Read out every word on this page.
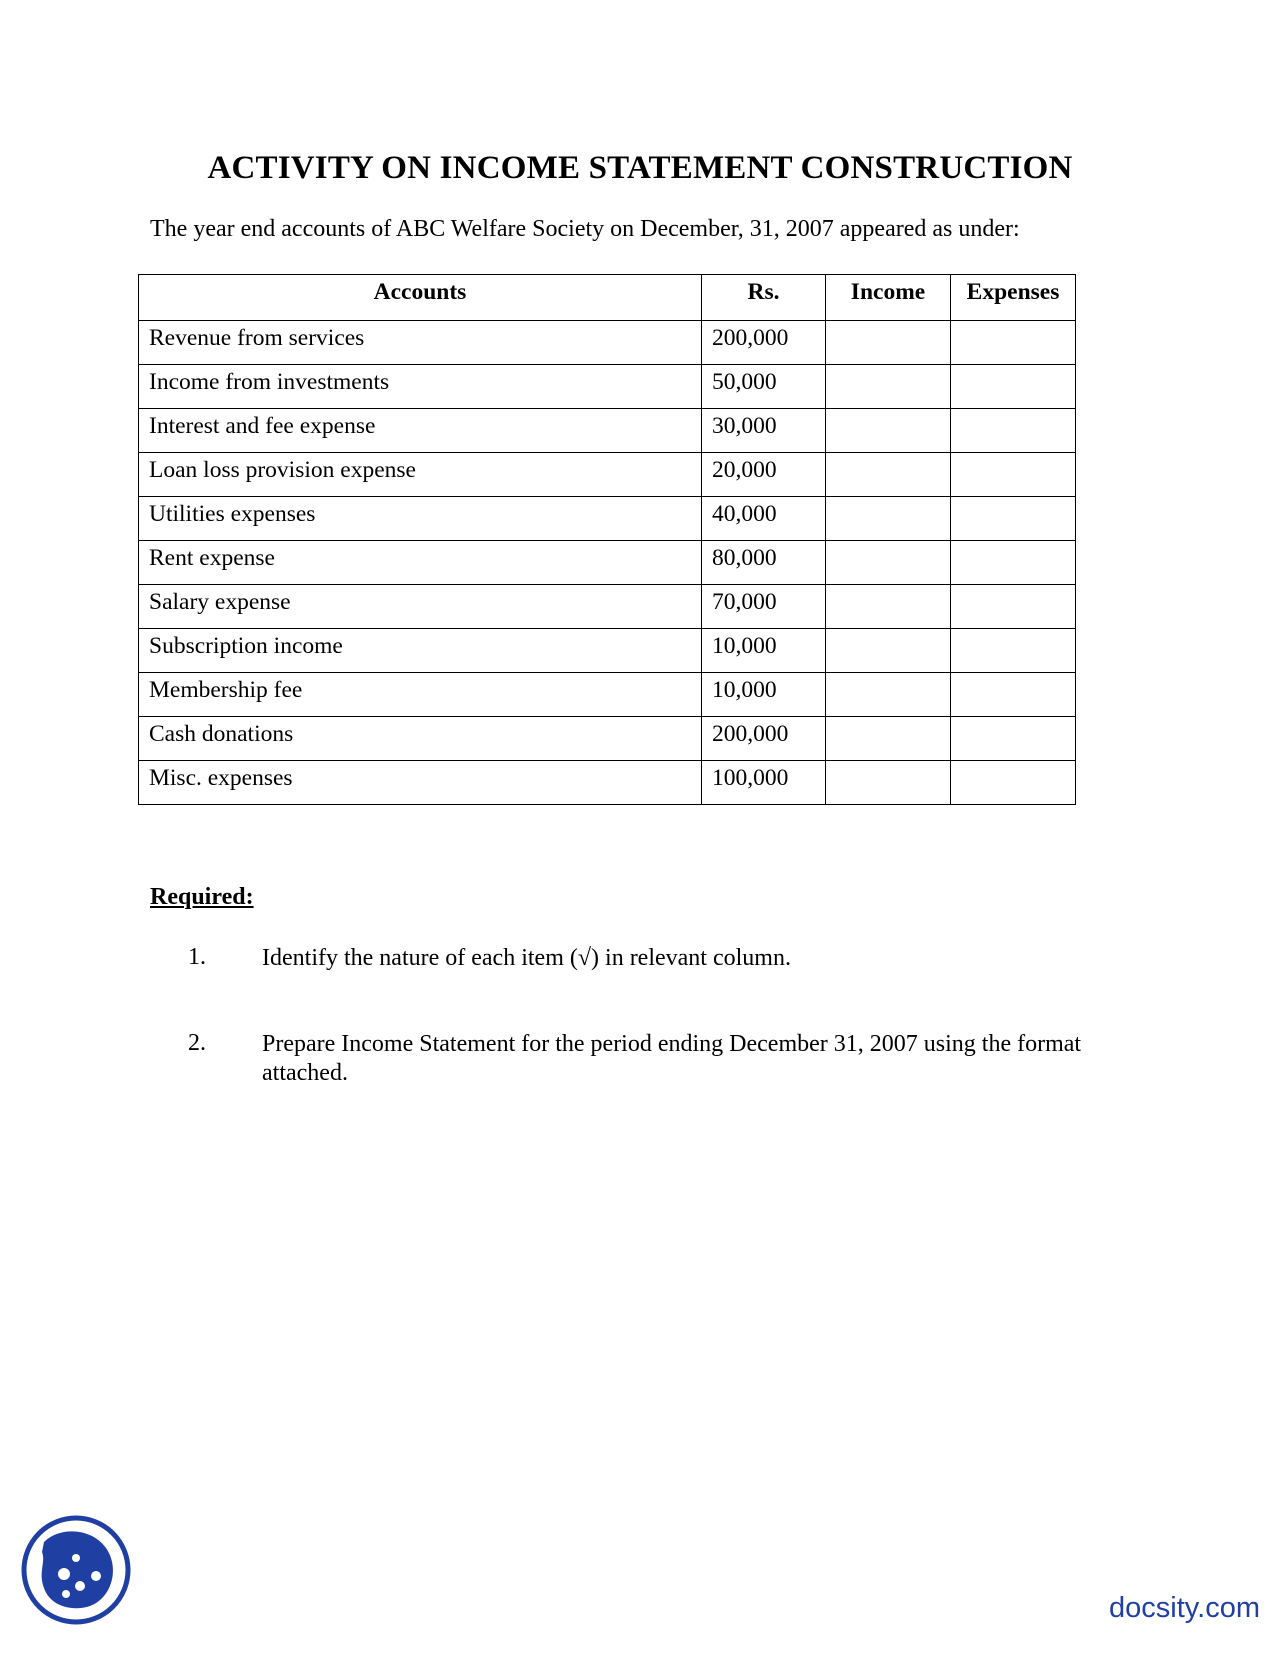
ACTIVITY ON INCOME STATEMENT CONSTRUCTION
The year end accounts of ABC Welfare Society on December, 31, 2007 appeared as under:
Accounts	Rs.	Income	Expenses
Revenue from services	200,000		
Income from investments	50,000		
Interest and fee expense	30,000		
Loan loss provision expense	20,000		
Utilities expenses	40,000		
Rent expense	80,000		
Salary expense	70,000		
Subscription income	10,000		
Membership fee	10,000		
Cash donations	200,000		
Misc. expenses	100,000		
Required:
1. Identify the nature of each item (√) in relevant column.
2. Prepare Income Statement for the period ending December 31, 2007 using the format attached.
docsity.com
